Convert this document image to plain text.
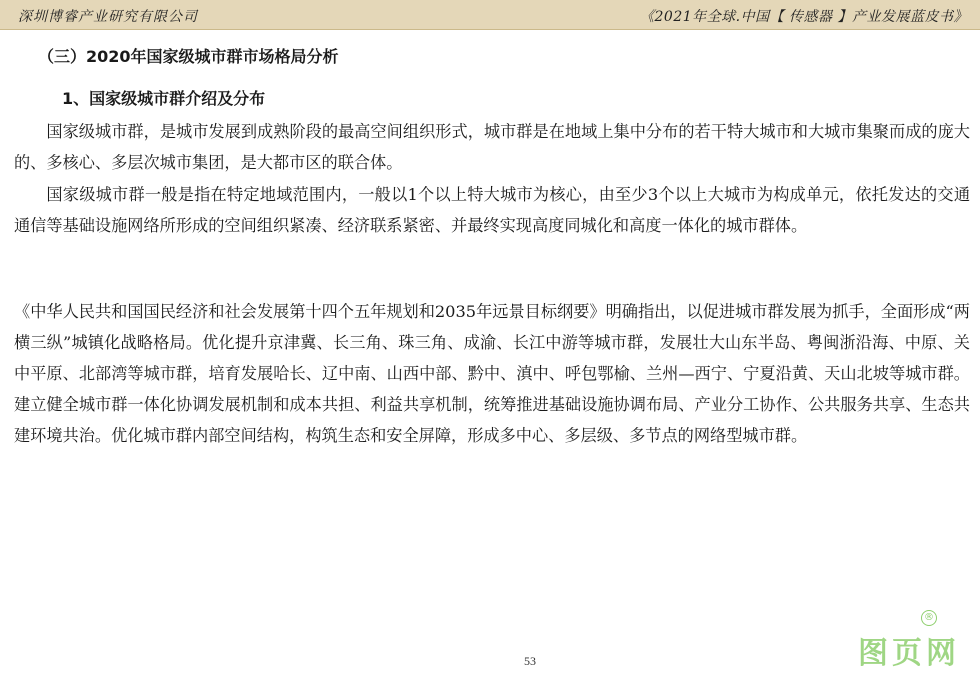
深圳博睿产业研究有限公司	《2021年全球.中国【 传感器 】产业发展蓝皮书》
（三）2020年国家级城市群市场格局分析
1、国家级城市群介绍及分布

国家级城市群，是城市发展到成熟阶段的最高空间组织形式，城市群是在地域上集中分布的若干特大城市和大城市集聚而成的庞大的、多核心、多层次城市集团，是大都市区的联合体。

国家级城市群一般是指在特定地域范围内，一般以1个以上特大城市为核心，由至少3个以上大城市为构成单元，依托发达的交通通信等基础设施网络所形成的空间组织紧凑、经济联系紧密、并最终实现高度同城化和高度一体化的城市群体。

《中华人民共和国国民经济和社会发展第十四个五年规划和2035年远景目标纲要》明确指出，以促进城市群发展为抓手，全面形成“两横三纵”城镇化战略格局。优化提升京津冀、长三角、珠三角、成渝、长江中游等城市群，发展壮大山东半岛、粤闽浙沿海、中原、关中平原、北部湾等城市群，培育发展哈长、辽中南、山西中部、黔中、滇中、呼包鄂榆、兰州—西宁、宁夏沿黄、天山北坡等城市群。建立健全城市群一体化协调发展机制和成本共担、利益共享机制，统筹推进基础设施协调布局、产业分工协作、公共服务共享、生态共建环境共治。优化城市群内部空间结构，构筑生态和安全屏障，形成多中心、多层级、多节点的网络型城市群。

53
®
图页网
